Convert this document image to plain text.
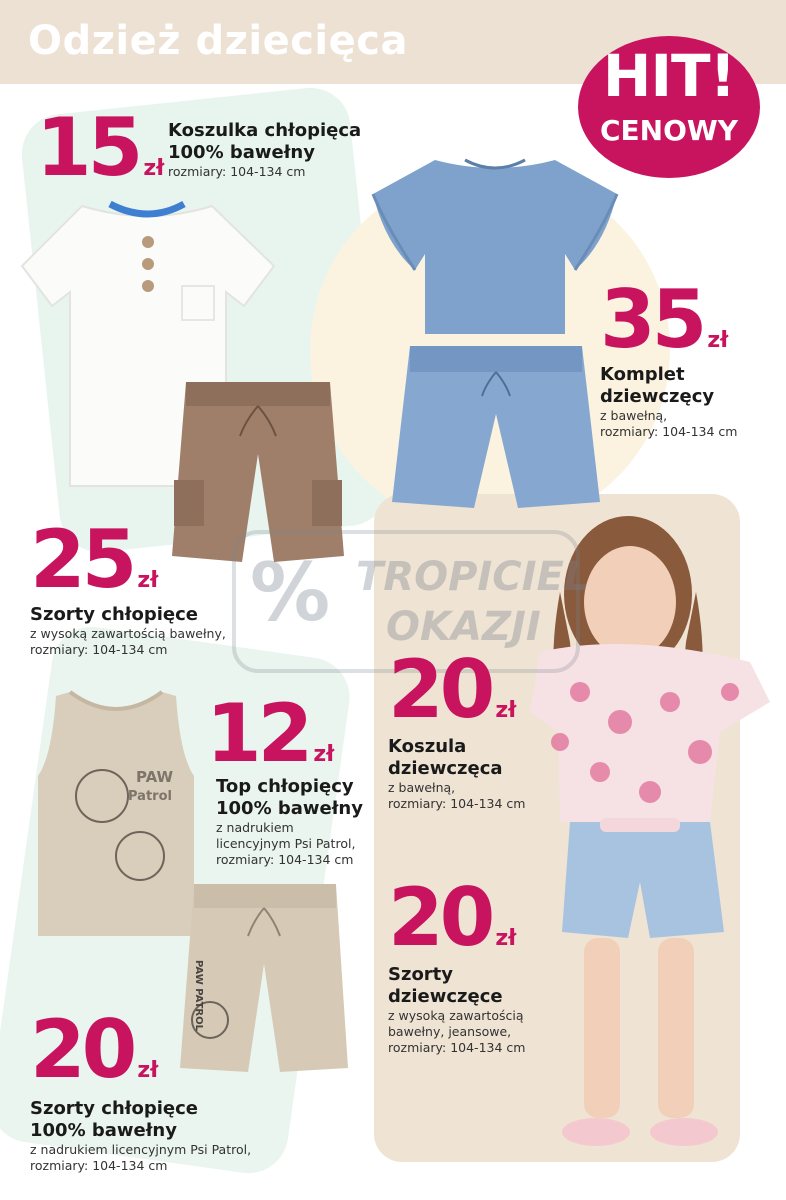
Odzież dziecięca
HIT!
CENOWY
PAW
Patrol
% TROPICIEL
OKAZJI
15 zł
Koszulka chłopięca
100% bawełny
rozmiary: 104-134 cm
35 zł
Komplet
dziewczęcy
z bawełną,
rozmiary: 104-134 cm
25 zł
Szorty chłopięce
z wysoką zawartością bawełny,
rozmiary: 104-134 cm
12 zł
Top chłopięcy
100% bawełny
z nadrukiem
licencyjnym Psi Patrol,
rozmiary: 104-134 cm
20 zł
Koszula
dziewczęca
z bawełną,
rozmiary: 104-134 cm
20 zł
Szorty
dziewczęce
z wysoką zawartością
bawełny, jeansowe,
rozmiary: 104-134 cm
20 zł
Szorty chłopięce
100% bawełny
z nadrukiem licencyjnym Psi Patrol,
rozmiary: 104-134 cm
PAW PATROL
